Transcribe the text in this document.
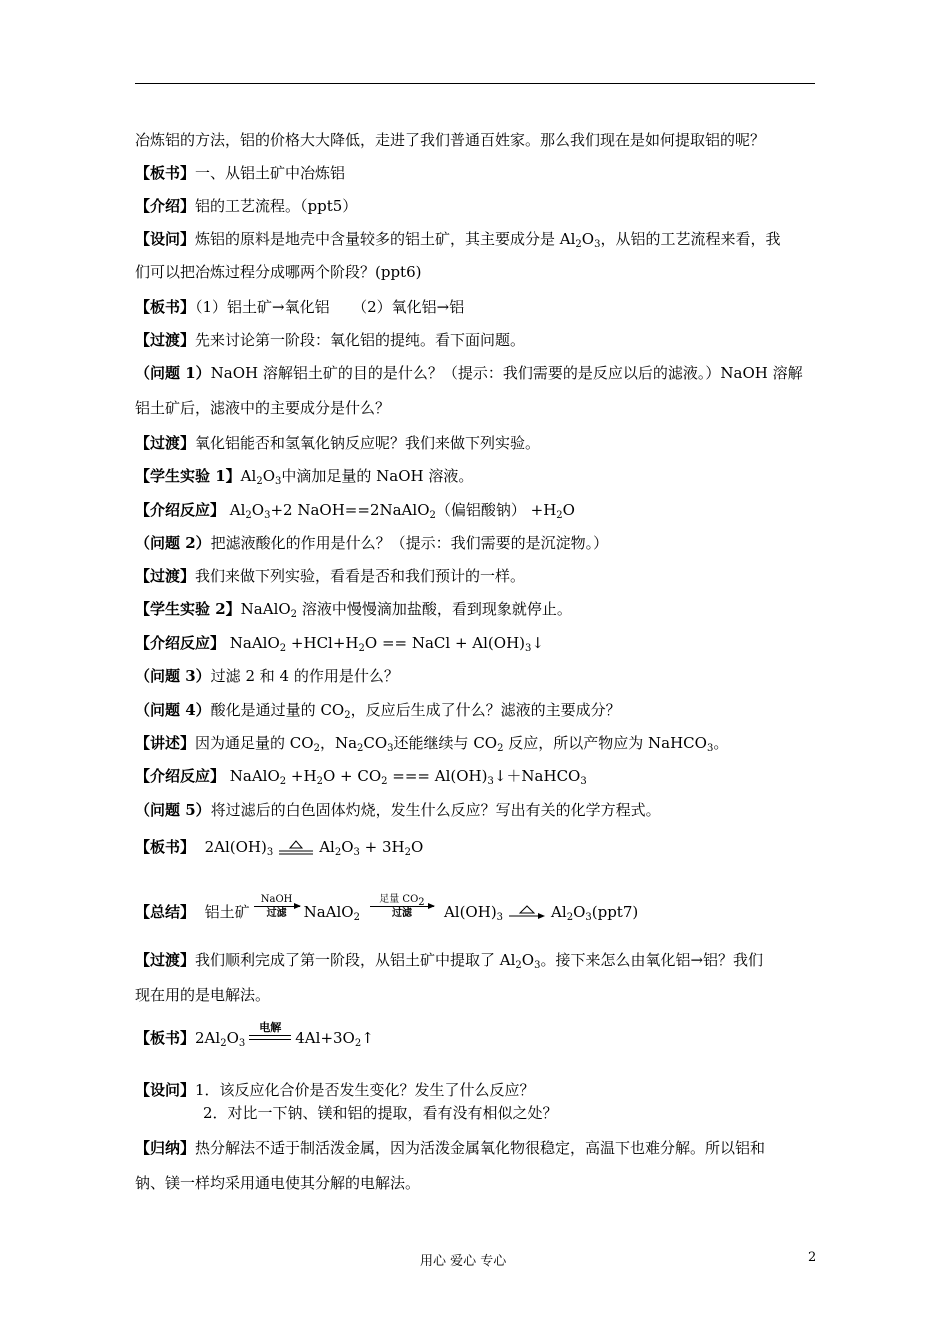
冶炼铝的方法，铝的价格大大降低，走进了我们普通百姓家。那么我们现在是如何提取铝的呢？
【板书】一、从铝土矿中冶炼铝
【介绍】铝的工艺流程。（ppt5）
【设问】炼铝的原料是地壳中含量较多的铝土矿，其主要成分是 $Al_2O_3$，从铝的工艺流程来看，我
们可以把冶炼过程分成哪两个阶段？(ppt6)
【板书】（1）铝土矿→氧化铝　　（2）氧化铝→铝
【过渡】先来讨论第一阶段：氧化铝的提纯。看下面问题。
（问题 1）NaOH 溶解铝土矿的目的是什么？（提示：我们需要的是反应以后的滤液。）NaOH 溶解
铝土矿后，滤液中的主要成分是什么？
【过渡】氧化铝能否和氢氧化钠反应呢？我们来做下列实验。
【学生实验 1】$Al_2O_3$中滴加足量的 NaOH 溶液。
【介绍反应】 $Al_2O_3+2$ NaOH==2NaAlO$_2$（偏铝酸钠） $+H_2O$
（问题 2）把滤液酸化的作用是什么？（提示：我们需要的是沉淀物。）
【过渡】我们来做下列实验，看看是否和我们预计的一样。
【学生实验 2】NaAlO$_2$ 溶液中慢慢滴加盐酸，看到现象就停止。
【介绍反应】 NaAlO$_2$ $+HCl+H_2O$ == NaCl + $Al(OH)_3↓$
（问题 3）过滤 2 和 4 的作用是什么？
（问题 4）酸化是通过量的 $CO_2$，反应后生成了什么？滤液的主要成分？
【讲述】因为通足量的 $CO_2$，$Na_2CO_3$还能继续与 $CO_2$ 反应，所以产物应为 NaHCO$_3$。
【介绍反应】 NaAlO$_2$ $+H_2O + CO_2$ === $Al(OH)_3↓+NaHCO_3$
（问题 5）将过滤后的白色固体灼烧，发生什么反应？写出有关的化学方程式。
【板书】 $2Al(OH)_3$	$Al_2O_3 + 3H_2O$
【总结】 铝土矿
NaOH
过滤	NaAlO$_2$
足量 $CO_2$
过滤	$Al(OH)_3$	$Al_2O_3(ppt7)$
【过渡】我们顺利完成了第一阶段，从铝土矿中提取了 $Al_2O_3$。接下来怎么由氧化铝→铝？我们
现在用的是电解法。
【板书】$2Al_2O_3$
电解
$4Al+3O_2↑$
【设问】1．该反应化合价是否发生变化？发生了什么反应？
2．对比一下钠、镁和铝的提取，看有没有相似之处？
【归纳】热分解法不适于制活泼金属，因为活泼金属氧化物很稳定，高温下也难分解。所以铝和
钠、镁一样均采用通电使其分解的电解法。
用心 爱心 专心	2
